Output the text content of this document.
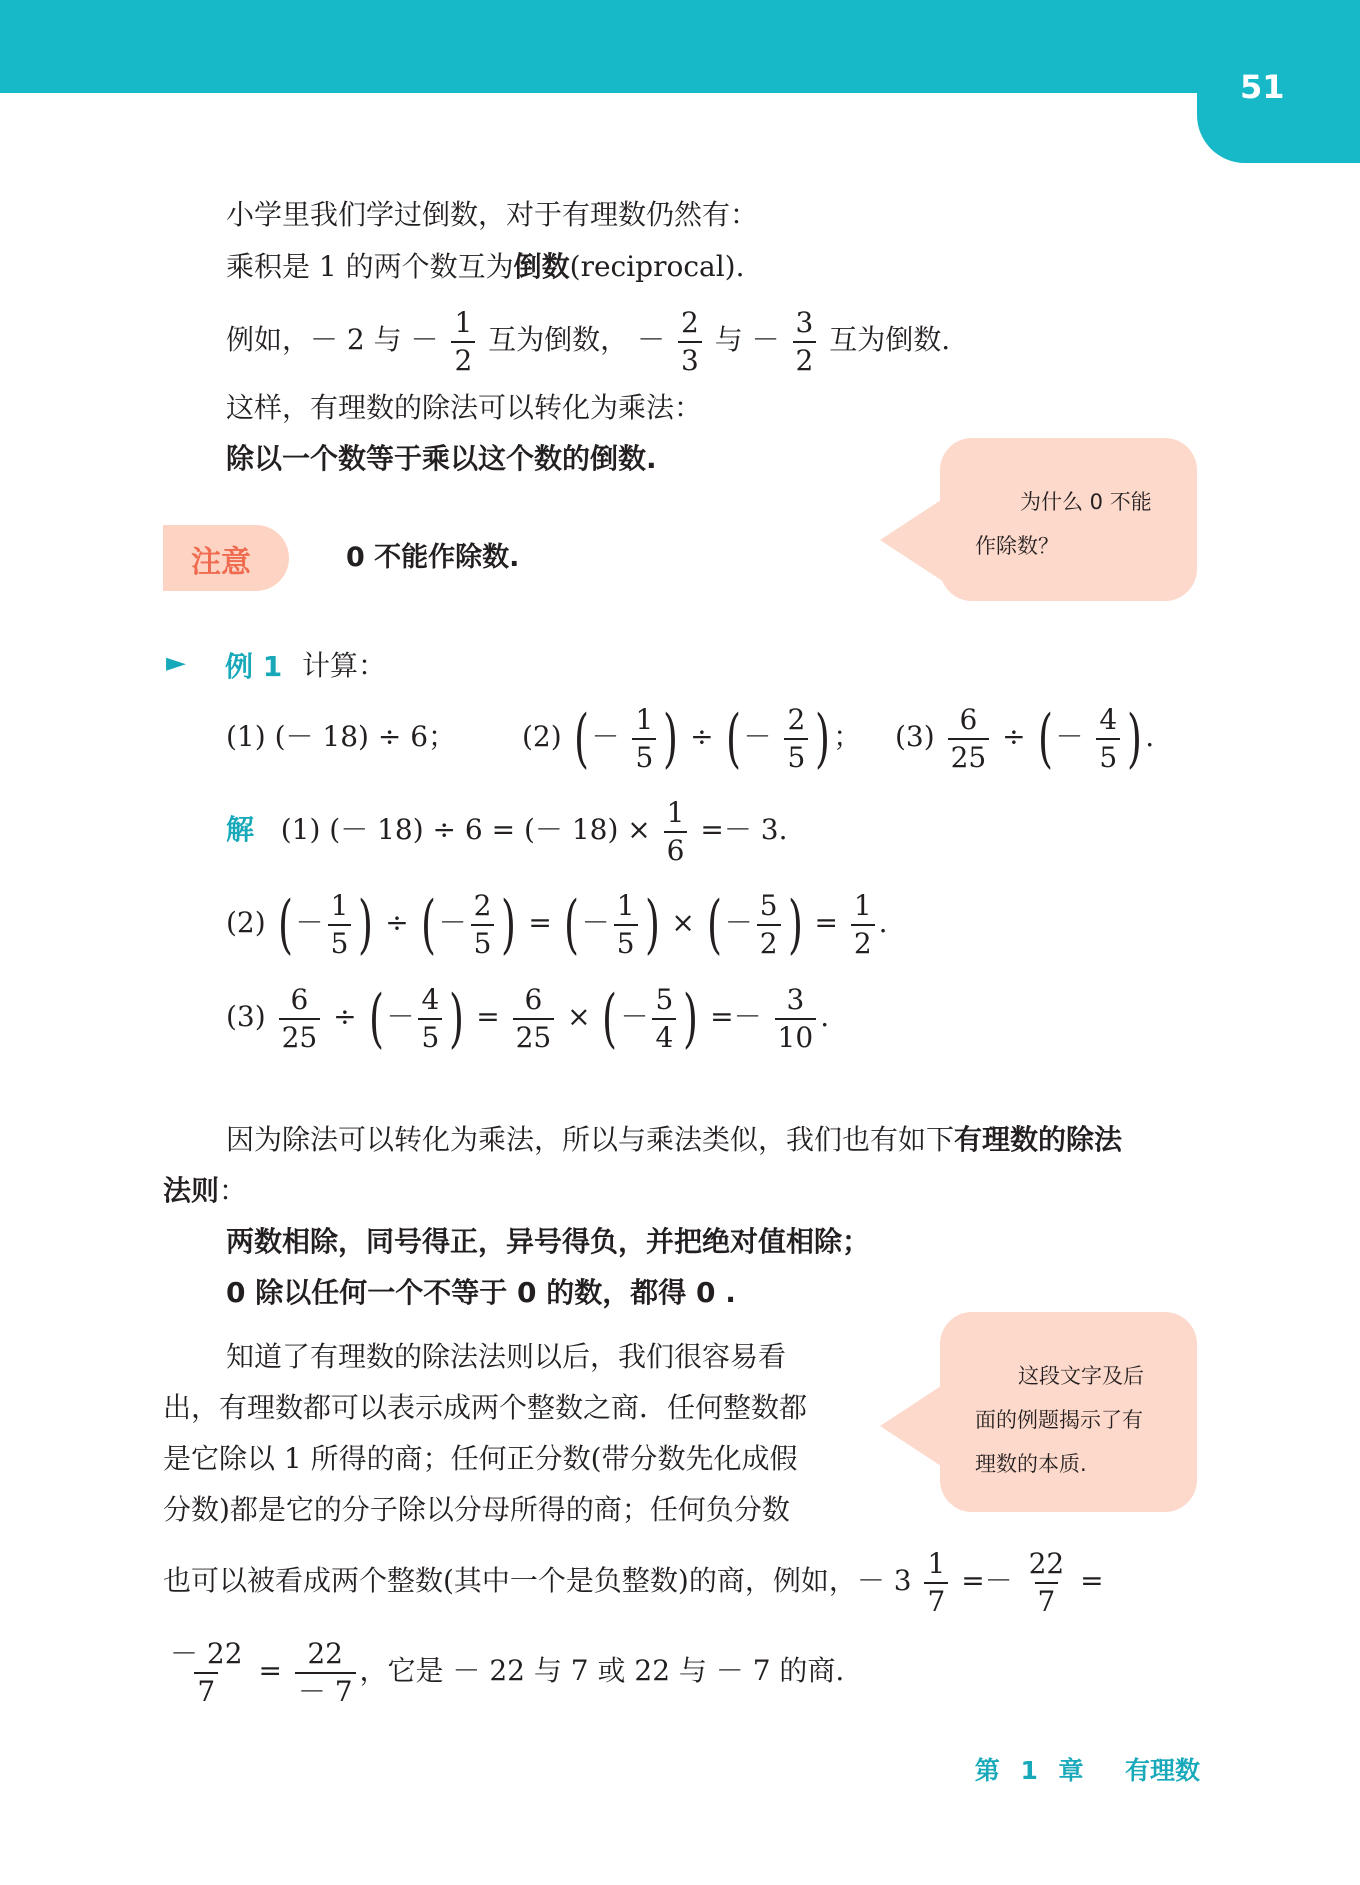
51
小学里我们学过倒数，对于有理数仍然有：
乘积是 1 的两个数互为倒数(reciprocal).
例如，－ 2 与 － $\frac{1}{2}$ 互为倒数， － $\frac{2}{3}$ 与 － $\frac{3}{2}$ 互为倒数.
这样，有理数的除法可以转化为乘法：
除以一个数等于乘以这个数的倒数.
为什么 0 不能
作除数？
注意	0 不能作除数.
► 例 1 计算：
(1) (－ 18) ÷ 6； (2) ( － $\frac{1}{5}$ ) ÷ ( － $\frac{2}{5}$ ) ； $(3) \frac{6}{25}$ ÷ ( － $\frac{4}{5}$ ) .
解 (1) (－ 18) ÷ 6 = (－ $18) \times \frac{1}{6} =- 3$.
(2) ( － $\frac{1}{5}$ ) ÷ ( － $\frac{2}{5}$ ) = ( － $\frac{1}{5}$ ) × ( － $\frac{5}{2}$ ) = $\frac{1}{2}$ .
$(3) \frac{6}{25}$ ÷ ( － $\frac{4}{5}$ ) = $\frac{6}{25}$ × ( － $\frac{5}{4}$ ) =－ $\frac{3}{10}$ .
因为除法可以转化为乘法，所以与乘法类似，我们也有如下有理数的除法
法则：
两数相除，同号得正，异号得负，并把绝对值相除；
0 除以任何一个不等于 0 的数，都得 0 .
这段文字及后
面的例题揭示了有
理数的本质.
知道了有理数的除法法则以后，我们很容易看
出，有理数都可以表示成两个整数之商．任何整数都
是它除以 1 所得的商；任何正分数(带分数先化成假
分数)都是它的分子除以分母所得的商；任何负分数
也可以被看成两个整数(其中一个是负整数)的商，例如，－ $3 \frac{1}{7} =- \frac{22}{7}$ =
$\frac{- 22}{7} = \frac{22}{- 7}$ ，它是 － 22 与 7 或 22 与 － 7 的商.
第 1 章 有理数
